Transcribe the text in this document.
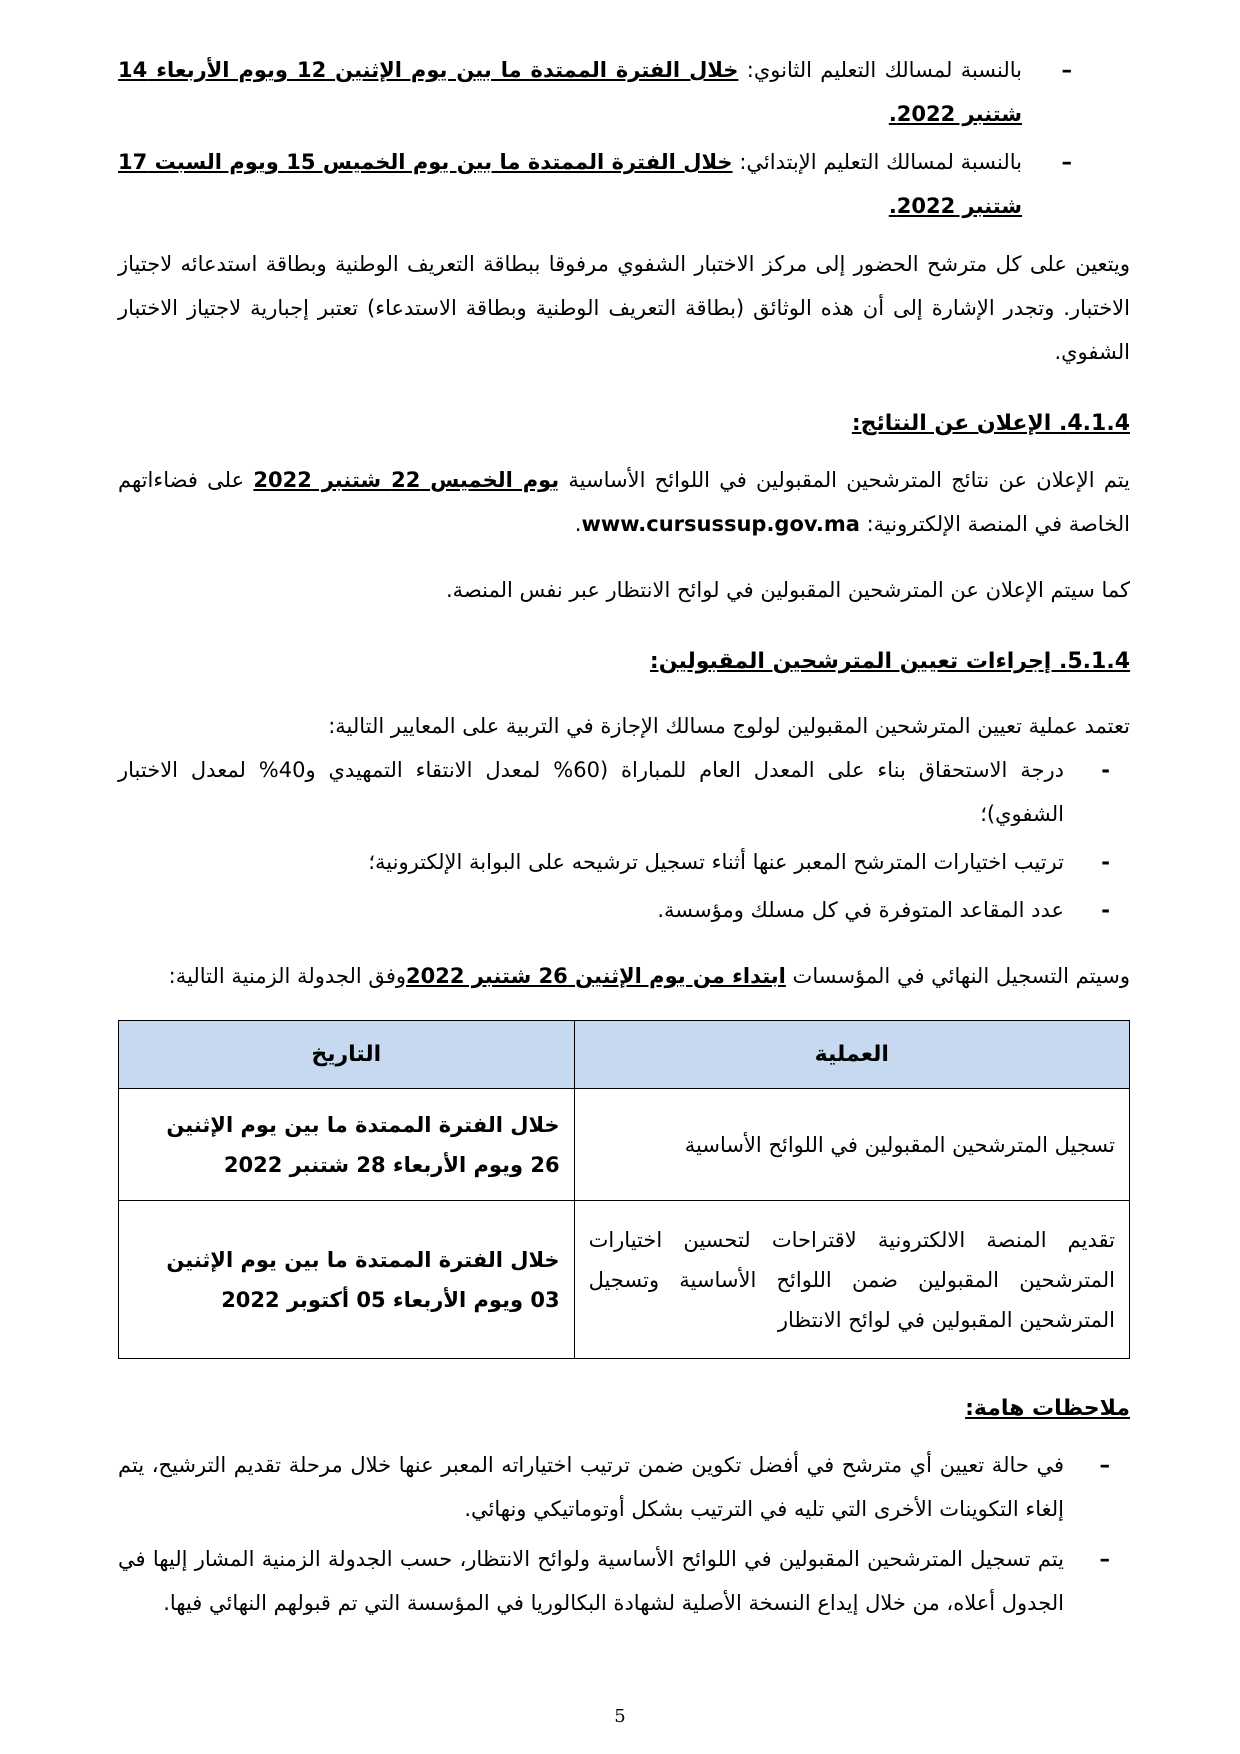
–
بالنسبة لمسالك التعليم الثانوي: خلال الفترة الممتدة ما بين يوم الإثنين 12 ويوم الأربعاء 14 شتنبر 2022.
–
بالنسبة لمسالك التعليم الإبتدائي: خلال الفترة الممتدة ما بين يوم الخميس 15 ويوم السبت 17 شتنبر 2022.

ويتعين على كل مترشح الحضور إلى مركز الاختبار الشفوي مرفوقا ببطاقة التعريف الوطنية وبطاقة استدعائه لاجتياز الاختبار. وتجدر الإشارة إلى أن هذه الوثائق (بطاقة التعريف الوطنية وبطاقة الاستدعاء) تعتبر إجبارية لاجتياز الاختبار الشفوي.

4.1.4. الإعلان عن النتائج:

يتم الإعلان عن نتائج المترشحين المقبولين في اللوائح الأساسية يوم الخميس 22 شتنبر 2022 على فضاءاتهم الخاصة في المنصة الإلكترونية: www.cursussup.gov.ma.

كما سيتم الإعلان عن المترشحين المقبولين في لوائح الانتظار عبر نفس المنصة.

5.1.4. إجراءات تعيين المترشحين المقبولين:

تعتمد عملية تعيين المترشحين المقبولين لولوج مسالك الإجازة في التربية على المعايير التالية:

-
درجة الاستحقاق بناء على المعدل العام للمباراة (60% لمعدل الانتقاء التمهيدي و40% لمعدل الاختبار الشفوي)؛
-
ترتيب اختيارات المترشح المعبر عنها أثناء تسجيل ترشيحه على البوابة الإلكترونية؛
-
عدد المقاعد المتوفرة في كل مسلك ومؤسسة.

وسيتم التسجيل النهائي في المؤسسات ابتداء من يوم الإثنين 26 شتنبر 2022وفق الجدولة الزمنية التالية:

العملية	التاريخ
تسجيل المترشحين المقبولين في اللوائح الأساسية	خلال الفترة الممتدة ما بين يوم الإثنين 26 ويوم الأربعاء 28 شتنبر 2022
تقديم المنصة الالكترونية لاقتراحات لتحسين اختيارات المترشحين المقبولين ضمن اللوائح الأساسية وتسجيل المترشحين المقبولين في لوائح الانتظار	خلال الفترة الممتدة ما بين يوم الإثنين 03 ويوم الأربعاء 05 أكتوبر 2022
ملاحظات هامة:
–
في حالة تعيين أي مترشح في أفضل تكوين ضمن ترتيب اختياراته المعبر عنها خلال مرحلة تقديم الترشيح، يتم إلغاء التكوينات الأخرى التي تليه في الترتيب بشكل أوتوماتيكي ونهائي.
–
يتم تسجيل المترشحين المقبولين في اللوائح الأساسية ولوائح الانتظار، حسب الجدولة الزمنية المشار إليها في الجدول أعلاه، من خلال إيداع النسخة الأصلية لشهادة البكالوريا في المؤسسة التي تم قبولهم النهائي فيها.
5
